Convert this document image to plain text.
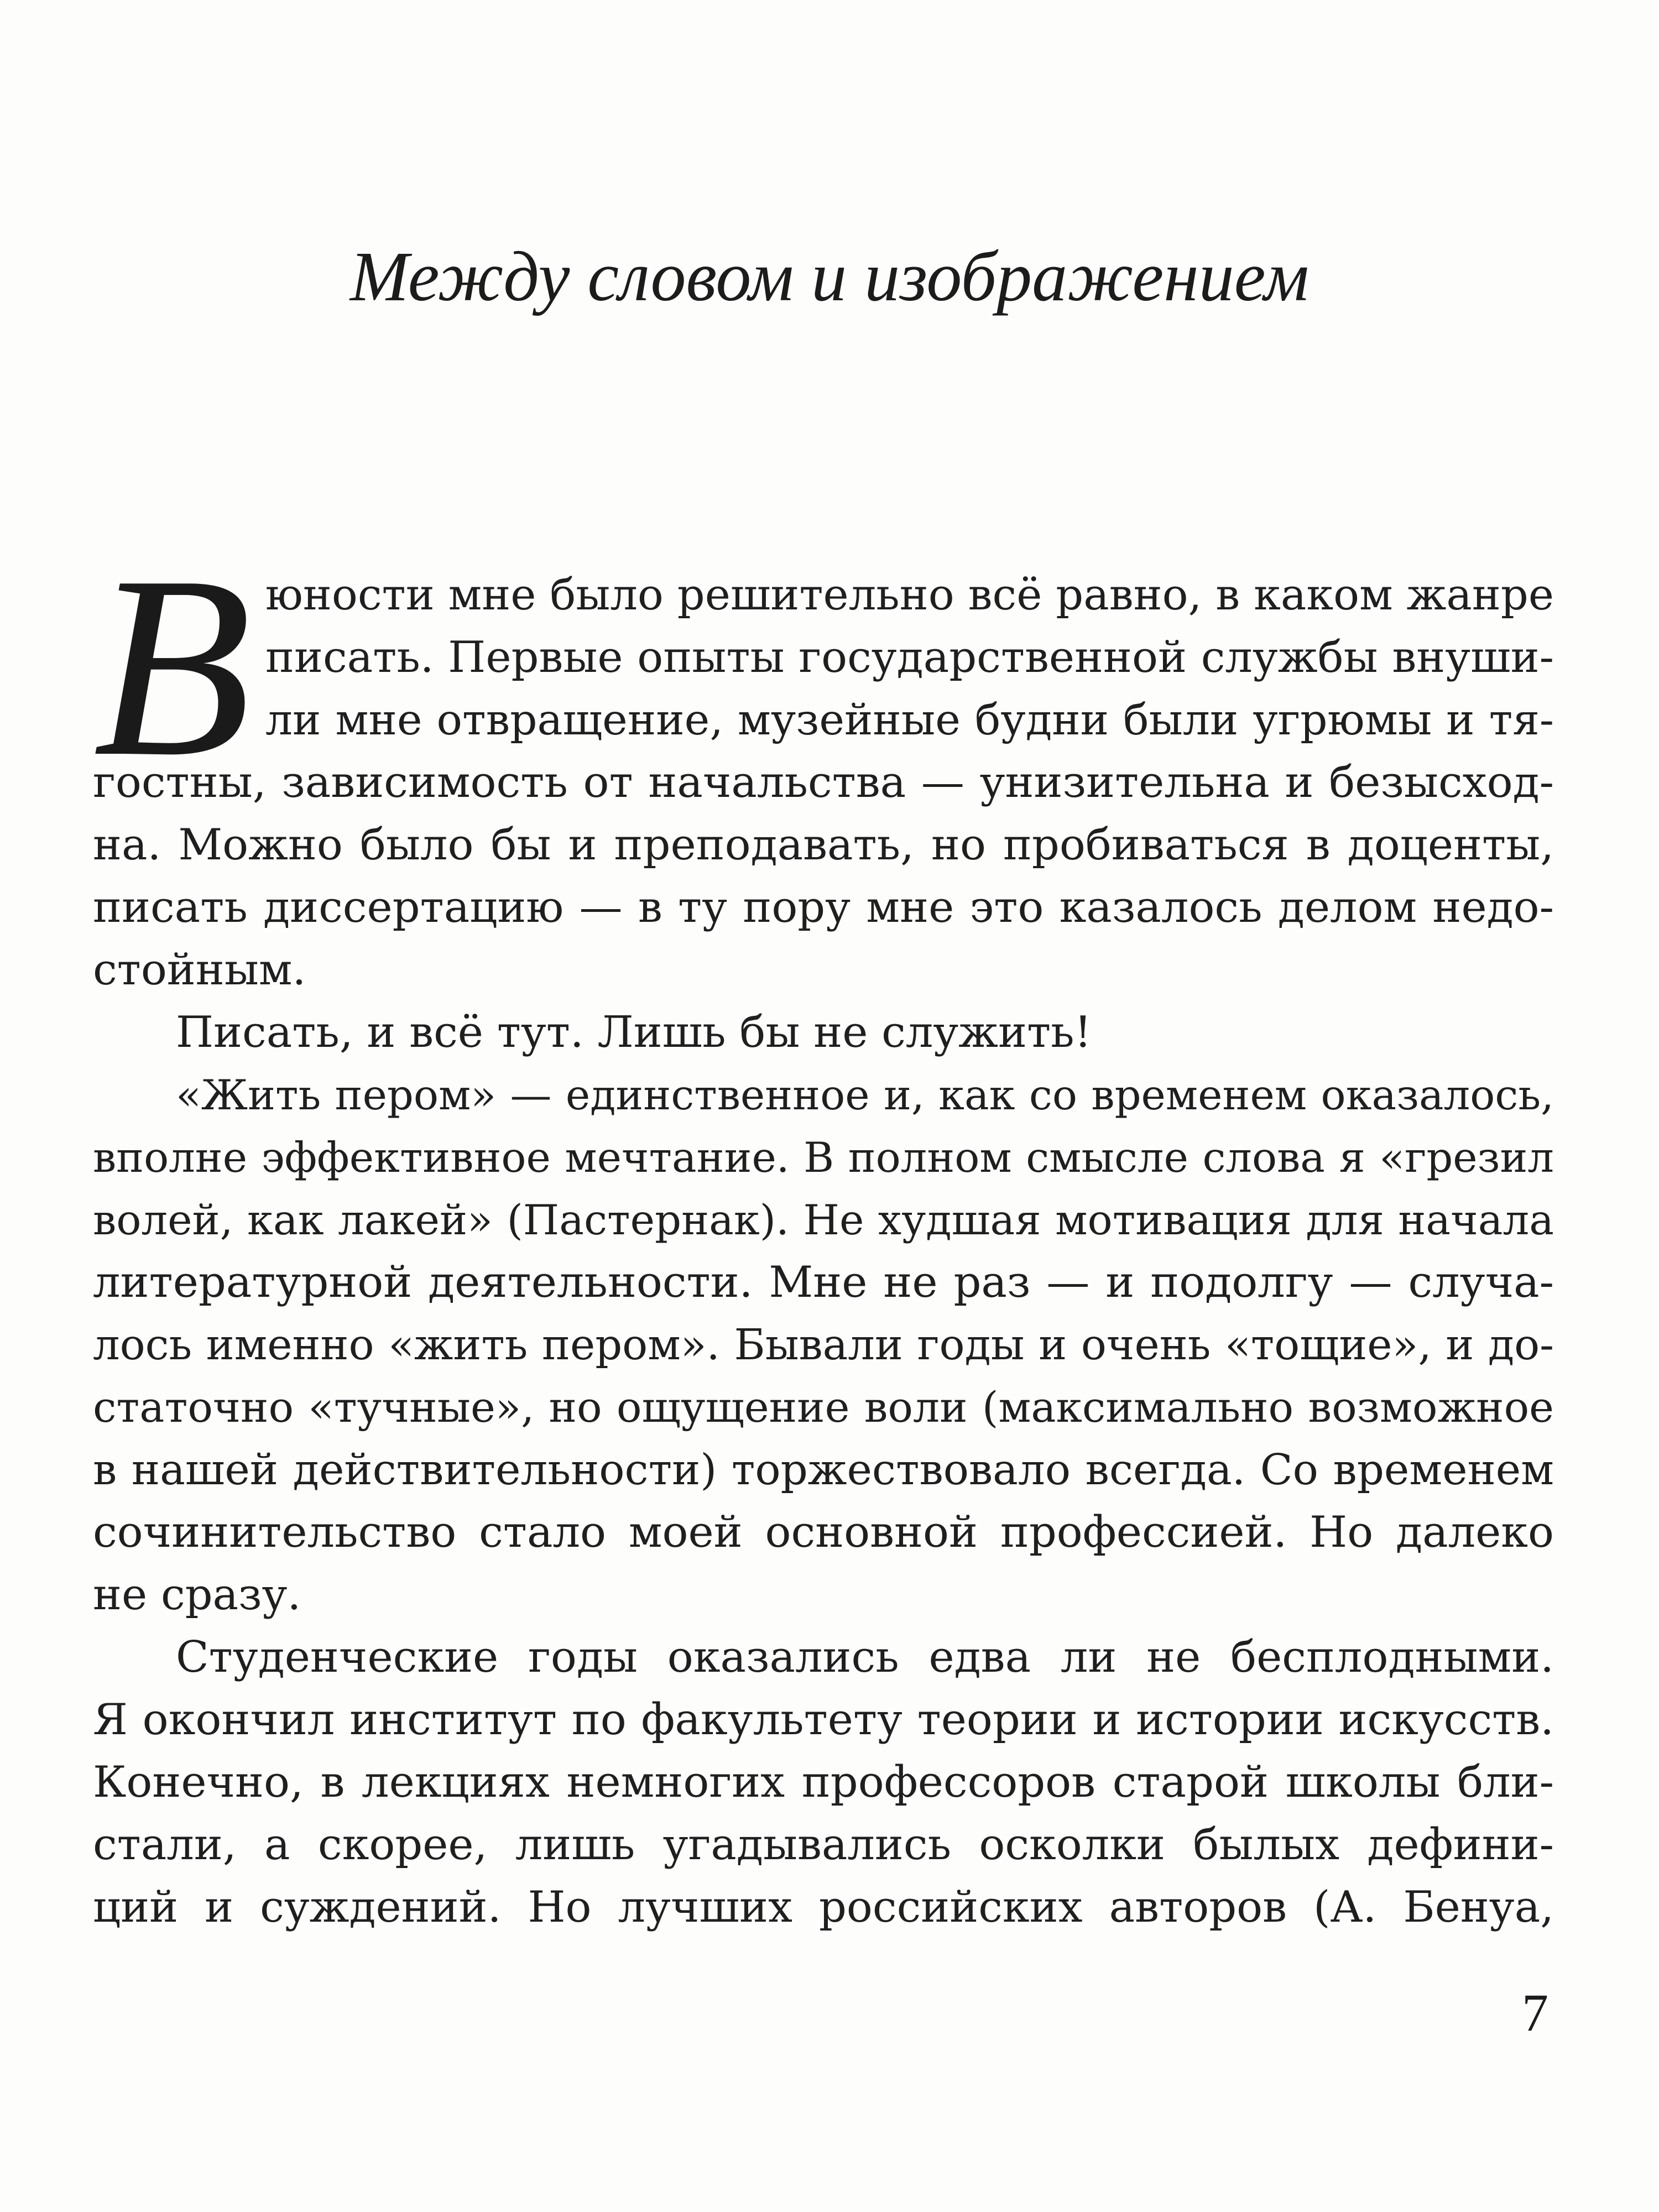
Между словом и изображением
В юности мне было решительно всё равно, в каком жанре
писать. Первые опыты государственной службы внуши-
ли мне отвращение, музейные будни были угрюмы и тя-
гостны, зависимость от начальства — унизительна и безысход-
на. Можно было бы и преподавать, но пробиваться в доценты,
писать диссертацию — в ту пору мне это казалось делом недо-
стойным.
Писать, и всё тут. Лишь бы не служить!
«Жить пером» — единственное и, как со временем оказалось,
вполне эффективное мечтание. В полном смысле слова я «грезил
волей, как лакей» (Пастернак). Не худшая мотивация для начала
литературной деятельности. Мне не раз — и подолгу — случа-
лось именно «жить пером». Бывали годы и очень «тощие», и до-
статочно «тучные», но ощущение воли (максимально возможное
в нашей действительности) торжествовало всегда. Со временем
сочинительство стало моей основной профессией. Но далеко
не сразу.
Студенческие годы оказались едва ли не бесплодными.
Я окончил институт по факультету теории и истории искусств.
Конечно, в лекциях немногих профессоров старой школы бли-
стали, а скорее, лишь угадывались осколки былых дефини-
ций и суждений. Но лучших российских авторов (А. Бенуа,
7
